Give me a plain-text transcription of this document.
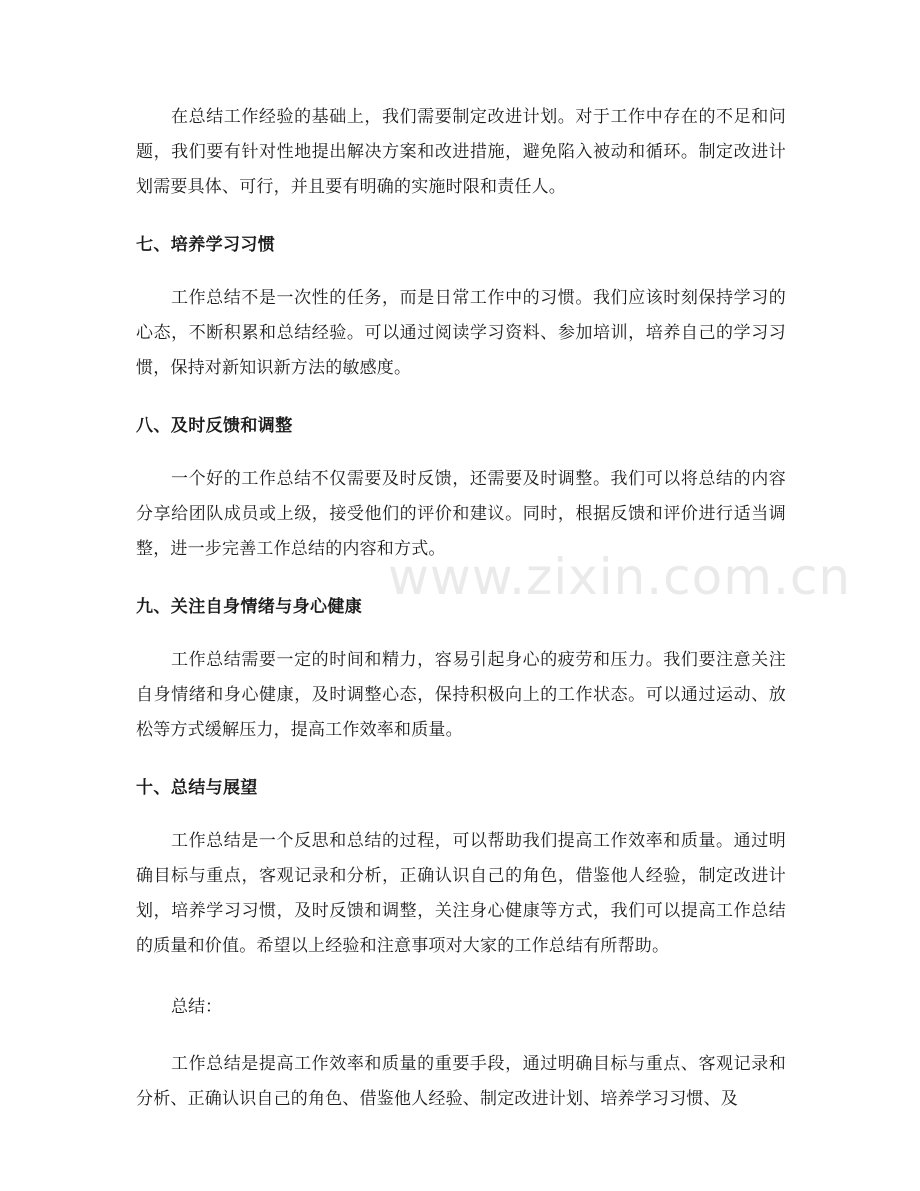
在总结工作经验的基础上，我们需要制定改进计划。对于工作中存在的不足和问题，我们要有针对性地提出解决方案和改进措施，避免陷入被动和循环。制定改进计划需要具体、可行，并且要有明确的实施时限和责任人。

七、培养学习习惯

工作总结不是一次性的任务，而是日常工作中的习惯。我们应该时刻保持学习的心态，不断积累和总结经验。可以通过阅读学习资料、参加培训，培养自己的学习习惯，保持对新知识新方法的敏感度。

八、及时反馈和调整

一个好的工作总结不仅需要及时反馈，还需要及时调整。我们可以将总结的内容分享给团队成员或上级，接受他们的评价和建议。同时，根据反馈和评价进行适当调整，进一步完善工作总结的内容和方式。

九、关注自身情绪与身心健康

工作总结需要一定的时间和精力，容易引起身心的疲劳和压力。我们要注意关注自身情绪和身心健康，及时调整心态，保持积极向上的工作状态。可以通过运动、放松等方式缓解压力，提高工作效率和质量。

十、总结与展望

工作总结是一个反思和总结的过程，可以帮助我们提高工作效率和质量。通过明确目标与重点，客观记录和分析，正确认识自己的角色，借鉴他人经验，制定改进计划，培养学习习惯，及时反馈和调整，关注身心健康等方式，我们可以提高工作总结的质量和价值。希望以上经验和注意事项对大家的工作总结有所帮助。

总结：

工作总结是提高工作效率和质量的重要手段，通过明确目标与重点、客观记录和分析、正确认识自己的角色、借鉴他人经验、制定改进计划、培养学习习惯、及

www.zixin.com.cn
